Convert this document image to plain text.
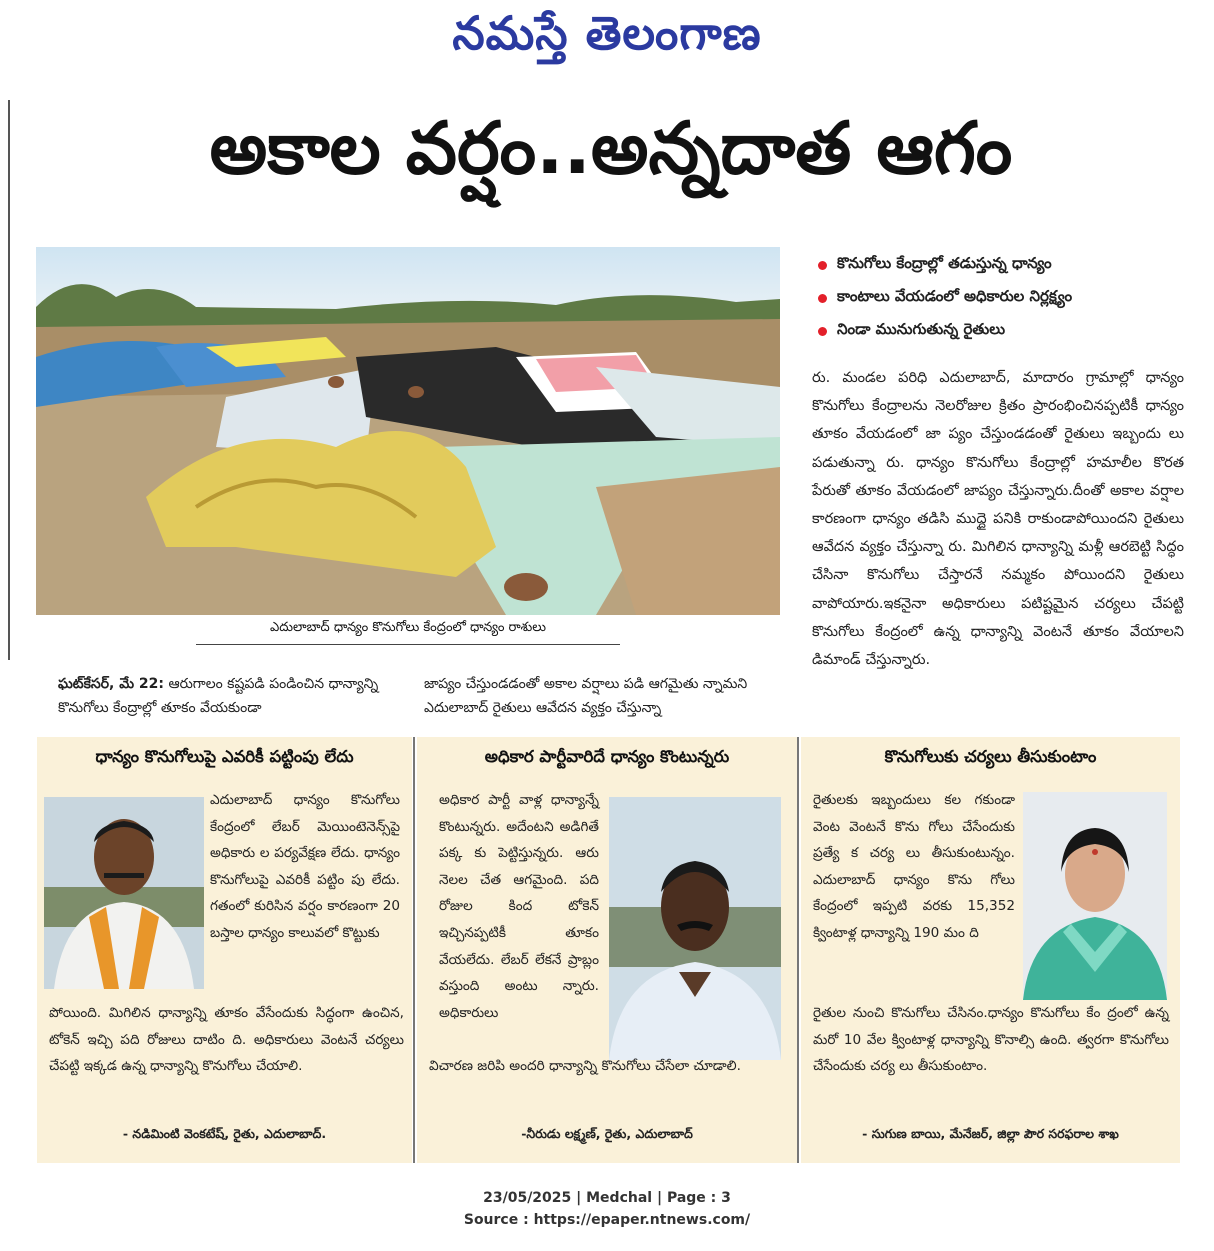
నమస్తే తెలంగాణ
అకాల వర్షం..అన్నదాత ఆగం
ఎదులాబాద్ ధాన్యం కొనుగోలు కేంద్రంలో ధాన్యం రాశులు
కొనుగోలు కేంద్రాల్లో తడుస్తున్న ధాన్యం
కాంటాలు వేయడంలో అధికారుల నిర్లక్ష్యం
నిండా మునుగుతున్న రైతులు
రు. మండల పరిధి ఎదులాబాద్, మాదారం గ్రామాల్లో ధాన్యం కొనుగోలు కేంద్రాలను నెలరోజుల క్రితం ప్రారంభించినప్పటికీ ధాన్యం తూకం వేయడంలో జా ప్యం చేస్తుండడంతో రైతులు ఇబ్బందు లు పడుతున్నా రు. ధాన్యం కొనుగోలు కేంద్రాల్లో హమాలీల కొరత పేరుతో తూకం వేయడంలో జాప్యం చేస్తున్నారు.దీంతో అకాల వర్షాల కారణంగా ధాన్యం తడిసి ముద్దై పనికి రాకుండాపోయిందని రైతులు ఆవేదన వ్యక్తం చేస్తున్నా రు. మిగిలిన ధాన్యాన్ని మళ్లీ ఆరబెట్టి సిద్ధం చేసినా కొనుగోలు చేస్తారనే నమ్మకం పోయిందని రైతులు వాపోయారు.ఇకనైనా అధికారులు పటిష్టమైన చర్యలు చేపట్టి కొనుగోలు కేంద్రంలో ఉన్న ధాన్యాన్ని వెంటనే తూకం వేయాలని డిమాండ్ చేస్తున్నారు.
ఘట్‌కేసర్, మే 22: ఆరుగాలం కష్టపడి పండించిన ధాన్యాన్ని కొనుగోలు కేంద్రాల్లో తూకం వేయకుండా
జాప్యం చేస్తుండడంతో అకాల వర్షాలు పడి ఆగమైతు న్నామని ఎదులాబాద్ రైతులు ఆవేదన వ్యక్తం చేస్తున్నా
ధాన్యం కొనుగోలుపై ఎవరికీ పట్టింపు లేదు
ఎదులాబాద్ ధాన్యం కొనుగోలు కేంద్రంలో లేబర్ మెయింటెనెన్స్‌పై అధికారు ల పర్యవేక్షణ లేదు. ధాన్యం కొనుగోలుపై ఎవరికీ పట్టిం పు లేదు. గతంలో కురిసిన వర్షం కారణంగా 20 బస్తాల ధాన్యం కాలువలో కొట్టుకు
పోయింది. మిగిలిన ధాన్యాన్ని తూకం వేసేందుకు సిద్ధంగా ఉంచిన, టోకెన్ ఇచ్చి పది రోజులు దాటిం ది. అధికారులు వెంటనే చర్యలు చేపట్టి ఇక్కడ ఉన్న ధాన్యాన్ని కొనుగోలు చేయాలి.
- నడిమింటి వెంకటేష్, రైతు, ఎదులాబాద్.
అధికార పార్టీవారిదే ధాన్యం కొంటున్నరు
అధికార పార్టీ వాళ్ల ధాన్యాన్నే కొంటున్నరు. అదేంటని అడిగితే పక్క కు పెట్టిస్తున్నరు. ఆరు నెలల చేత ఆగమైంది. పది రోజుల కింద టోకెన్ ఇచ్చినప్పటికీ తూకం వేయలేదు. లేబర్ లేకనే ప్రాబ్లం వస్తుంది అంటు న్నారు. అధికారులు
విచారణ జరిపి అందరి ధాన్యాన్ని కొనుగోలు చేసేలా చూడాలి.
-నీరుడు లక్ష్మణ్, రైతు, ఎదులాబాద్
కొనుగోలుకు చర్యలు తీసుకుంటాం
రైతులకు ఇబ్బందులు కల గకుండా వెంట వెంటనే కొను గోలు చేసేందుకు ప్రత్యే క చర్య లు తీసుకుంటున్నం. ఎదులాబాద్ ధాన్యం కొను గోలు కేంద్రంలో ఇప్పటి వరకు 15,352 క్వింటాళ్ల ధాన్యాన్ని 190 మం ది
రైతుల నుంచి కొనుగోలు చేసినం.ధాన్యం కొనుగోలు కేం ద్రంలో ఉన్న మరో 10 వేల క్వింటాళ్ల ధాన్యాన్ని కొనాల్సి ఉంది. త్వరగా కొనుగోలు చేసేందుకు చర్య లు తీసుకుంటాం.
- సుగుణ బాయి, మేనేజర్, జిల్లా పౌర సరఫరాల శాఖ
23/05/2025 | Medchal | Page : 3
Source : https://epaper.ntnews.com/
